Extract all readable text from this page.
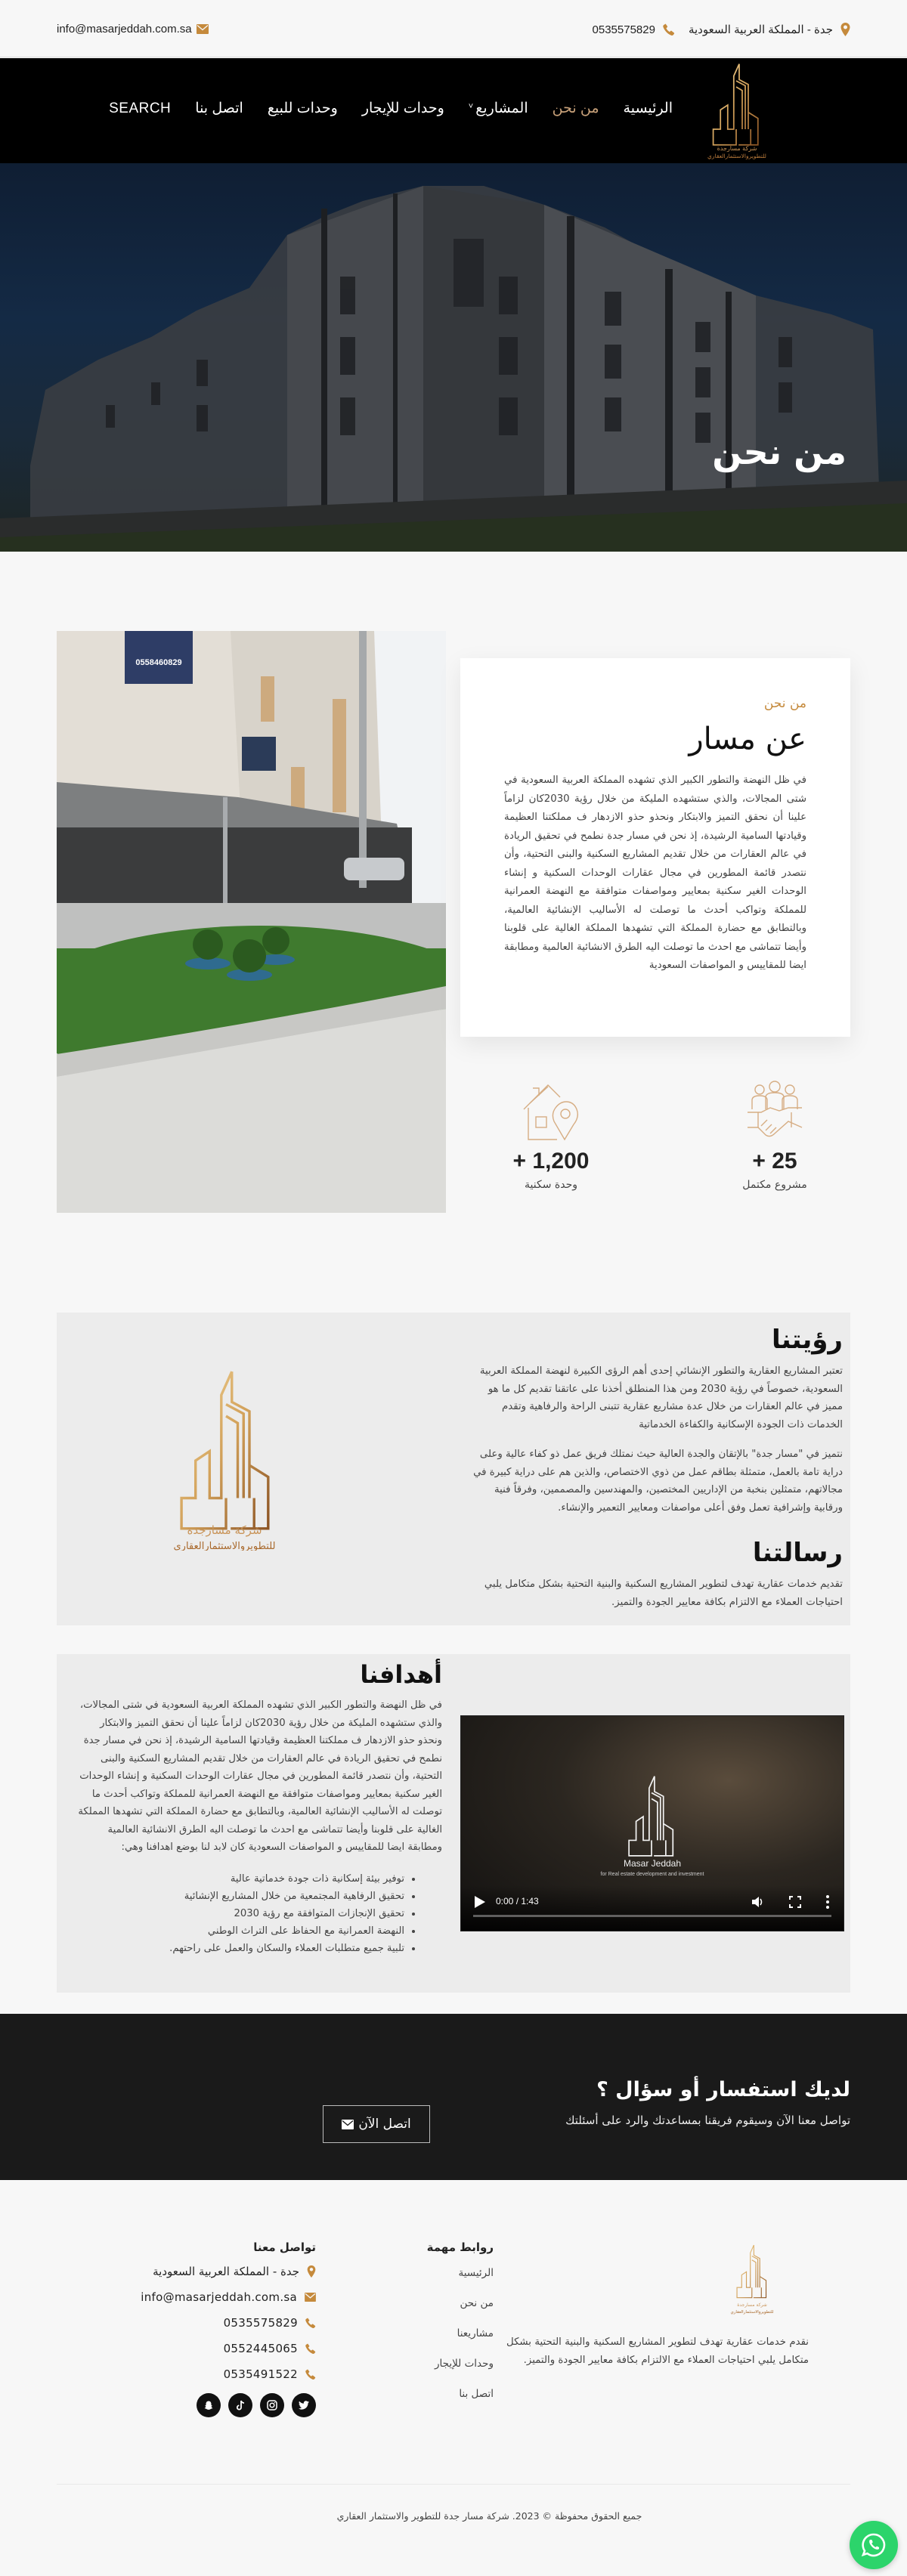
جدة - المملكة العربية السعودية
0535575829
info@masarjeddah.com.sa
شركة مسارجدة
للتطويروالاستثمارالعقاري
الرئيسية
من نحن
المشاريع
˅
وحدات للإيجار
وحدات للبيع
اتصل بنا
SEARCH
من نحن
0558460829
من نحن
عن مسار

في ظل النهضة والتطور الكبير الذي تشهده المملكة العربية السعودية في شتى المجالات، والذي ستشهده المليكة من خلال رؤية 2030كان لزاماً علينا أن نحقق التميز والابتكار ونحذو حذو الازدهار ف مملكتنا العظيمة وقيادتها السامية الرشيدة، إذ نحن في مسار جدة نطمح في تحقيق الريادة في عالم العقارات من خلال تقديم المشاريع السكنية والبنى التحتية، وأن نتصدر قائمة المطورين في مجال عقارات الوحدات السكنية و إنشاء الوحدات الغير سكنية بمعايير ومواصفات متوافقة مع النهضة العمرانية للمملكة وتواكب أحدث ما توصلت له الأساليب الإنشائية العالمية، وبالتطابق مع حضارة المملكة التي تشهدها المملكة الغالية على قلوبنا وأيضا تتماشى مع احدث ما توصلت اليه الطرق الانشائية العالمية ومطابقة ايضا للمقاييس و المواصفات السعودية

+ 25
مشروع مكتمل
+ 1,200
وحدة سكنية
رؤيتنا

تعتبر المشاريع العقارية والتطور الإنشائي إحدى أهم الرؤى الكبيرة لنهضة المملكة العربية السعودية، خصوصاً في رؤية 2030 ومن هذا المنطلق أخذنا على عاتقنا تقديم كل ما هو مميز في عالم العقارات من خلال عدة مشاريع عقارية تتبنى الراحة والرفاهية وتقدم الخدمات ذات الجودة الإسكانية والكفاءة الخدماتية

نتميز في "مسار جدة" بالإتقان والجدة العالية حيث نمتلك فريق عمل ذو كفاء عالية وعلى دراية تامة بالعمل، متمثلة بطاقم عمل من ذوي الاختصاص، والذين هم على دراية كبيرة في مجالاتهم، متمثلين بنخبة من الإداريين المختصين، والمهندسين والمصممين، وفرقاً فنية ورقابية وإشرافية تعمل وفق أعلى مواصفات ومعايير التعمير والإنشاء.

رسالتنا

تقديم خدمات عقارية تهدف لتطوير المشاريع السكنية والبنية التحتية بشكل متكامل يلبي احتياجات العملاء مع الالتزام بكافة معايير الجودة والتميز.

شركة مسارجدة
للتطويروالاستثمارالعقاري
أهدافنا

في ظل النهضة والتطور الكبير الذي تشهده المملكة العربية السعودية في شتى المجالات، والذي ستشهده المليكة من خلال رؤية 2030كان لزاماً علينا أن نحقق التميز والابتكار ونحذو حذو الازدهار ف مملكتنا العظيمة وقيادتها السامية الرشيدة، إذ نحن في مسار جدة نطمح في تحقيق الريادة في عالم العقارات من خلال تقديم المشاريع السكنية والبنى التحتية، وأن نتصدر قائمة المطورين في مجال عقارات الوحدات السكنية و إنشاء الوحدات الغير سكنية بمعايير ومواصفات متوافقة مع النهضة العمرانية للمملكة وتواكب أحدث ما توصلت له الأساليب الإنشائية العالمية، وبالتطابق مع حضارة المملكة التي تشهدها المملكة الغالية على قلوبنا وأيضا تتماشى مع احدث ما توصلت اليه الطرق الانشائية العالمية ومطابقة ايضا للمقاييس و المواصفات السعودية كان لابد لنا بوضع اهدافنا وهي:

• توفير بيئة إسكانية ذات جودة خدماتية عالية
• تحقيق الرفاهية المجتمعية من خلال المشاريع الإنشائية
• تحقيق الإنجازات المتوافقة مع رؤية 2030
• النهضة العمرانية مع الحفاظ على التراث الوطني
• تلبية جميع متطلبات العملاء والسكان والعمل على راحتهم.
Masar Jeddah
for Real estate development and investment
0:00 / 1:43
لديك استفسار أو سؤال ؟

تواصل معنا الآن وسيقوم فريقنا بمساعدتك والرد على أسئلتك

اتصل الآن
شركة مسارجدة
للتطويروالاستثمارالعقاري

نقدم خدمات عقارية تهدف لتطوير المشاريع السكنية والبنية التحتية بشكل متكامل يلبي احتياجات العملاء مع الالتزام بكافة معايير الجودة والتميز.

روابط مهمة
الرئيسية
من نحن
مشاريعنا
وحدات للإيجار
اتصل بنا
تواصل معنا
جدة - المملكة العربية السعودية
info@masarjeddah.com.sa
0535575829
0552445065
0535491522

جميع الحقوق محفوظة © 2023. شركة مسار جدة للتطوير والاستثمار العقاري
